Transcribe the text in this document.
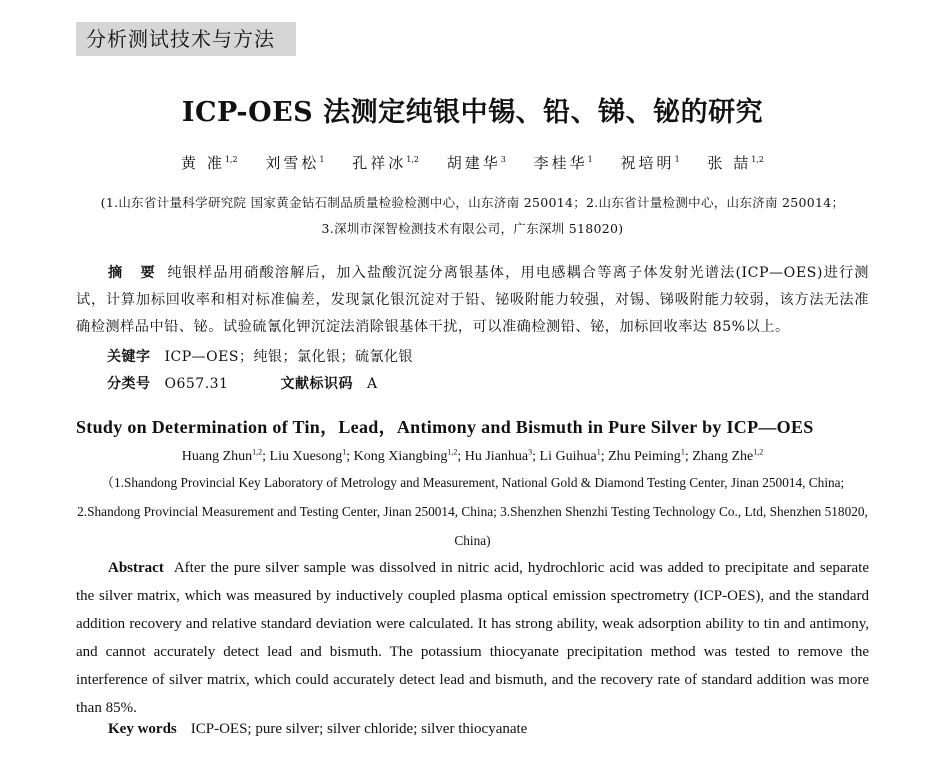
分析测试技术与方法
ICP-OES 法测定纯银中锡、铅、锑、铋的研究
黄 准$^{1,2}$ 刘雪松$^1$ 孔祥冰$^{1,2}$ 胡建华$^3$ 李桂华$^1$ 祝培明$^1$ 张 喆$^{1,2}$
(1.山东省计量科学研究院 国家黄金钻石制品质量检验检测中心，山东济南 250014；2.山东省计量检测中心，山东济南 250014；
3.深圳市深智检测技术有限公司，广东深圳 518020)
摘 要 纯银样品用硝酸溶解后，加入盐酸沉淀分离银基体，用电感耦合等离子体发射光谱法(ICP—OES)进行测试，计算加标回收率和相对标准偏差，发现氯化银沉淀对于铅、铋吸附能力较强，对锡、锑吸附能力较弱，该方法无法准确检测样品中铅、铋。试验硫氰化钾沉淀法消除银基体干扰，可以准确检测铅、铋，加标回收率达 85%以上。
关键字 ICP—OES；纯银；氯化银；硫氰化银
分类号 O657.31	文献标识码 A
Study on Determination of Tin，Lead，Antimony and Bismuth in Pure Silver by ICP—OES
Huang Zhun$^{1,2}$; Liu Xuesong$^1$; Kong Xiangbing$^{1,2}$; Hu Jianhua$^3$; Li Guihua$^1$; Zhu Peiming$^1$; Zhang Zhe$^{1,2}$
（1.Shandong Provincial Key Laboratory of Metrology and Measurement, National Gold & Diamond Testing Center, Jinan 250014, China; 2.Shandong Provincial Measurement and Testing Center, Jinan 250014, China; 3.Shenzhen Shenzhi Testing Technology Co., Ltd, Shenzhen 518020, China)
Abstract After the pure silver sample was dissolved in nitric acid, hydrochloric acid was added to precipitate and separate the silver matrix, which was measured by inductively coupled plasma optical emission spectrometry (ICP-OES), and the standard addition recovery and relative standard deviation were calculated. It has strong ability, weak adsorption ability to tin and antimony, and cannot accurately detect lead and bismuth. The potassium thiocyanate precipitation method was tested to remove the interference of silver matrix, which could accurately detect lead and bismuth, and the recovery rate of standard addition was more than 85%.
Key words ICP-OES; pure silver; silver chloride; silver thiocyanate
